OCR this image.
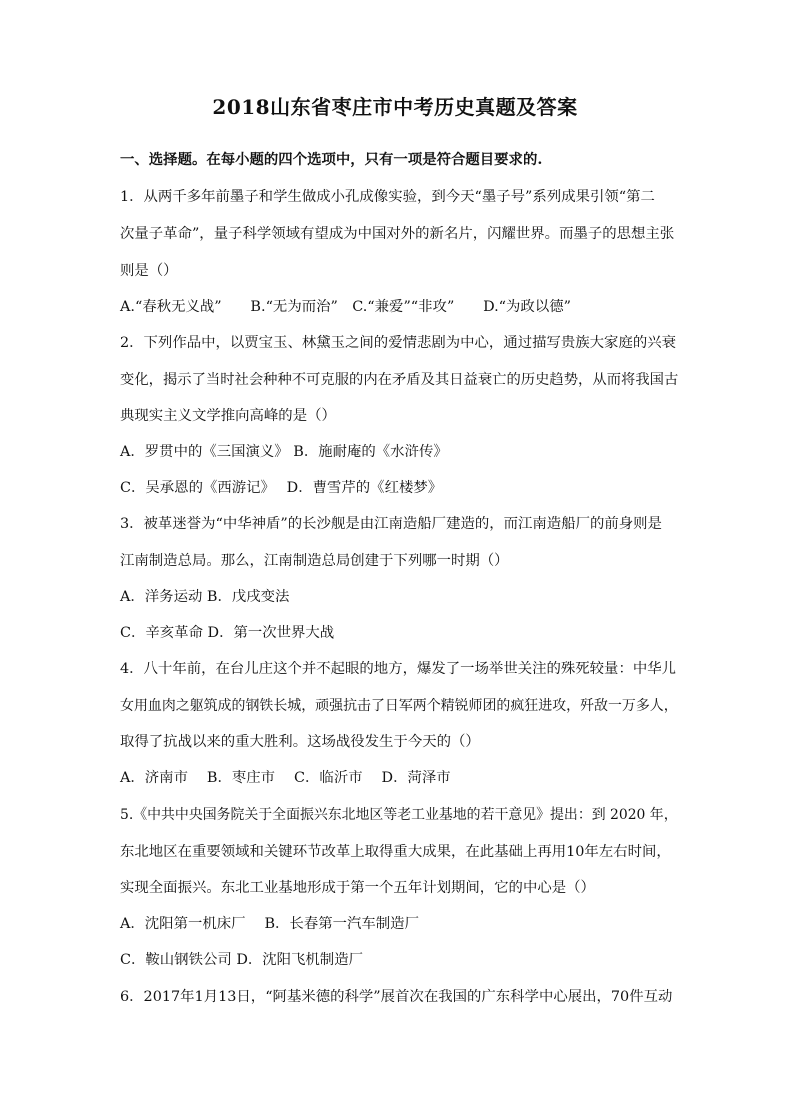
2018山东省枣庄市中考历史真题及答案
一、选择题。在每小题的四个选项中，只有一项是符合题目要求的.
1．从两千多年前墨子和学生做成小孔成像实验，到今天“墨子号”系列成果引领“第二
次量子革命”，量子科学领域有望成为中国对外的新名片，闪耀世界。而墨子的思想主张
则是（）
A.“春秋无义战”　　B.“无为而治”　C.“兼爱”“非攻”　　D.“为政以德”
2．下列作品中，以贾宝玉、林黛玉之间的爱情悲剧为中心，通过描写贵族大家庭的兴衰
变化，揭示了当时社会种种不可克服的内在矛盾及其日益衰亡的历史趋势，从而将我国古
典现实主义文学推向高峰的是（）
A．罗贯中的《三国演义》 B．施耐庵的《水浒传》
C．吴承恩的《西游记》　 D．曹雪芹的《红楼梦》
3．被革迷誉为“中华神盾”的长沙舰是由江南造船厂建造的，而江南造船厂的前身则是
江南制造总局。那么，江南制造总局创建于下列哪一时期（）
A．洋务运动 B．戊戌变法
C．辛亥革命 D．第一次世界大战
4．八十年前，在台儿庄这个并不起眼的地方，爆发了一场举世关注的殊死较量：中华儿
女用血肉之躯筑成的钢铁长城，顽强抗击了日军两个精锐师团的疯狂进攻，歼敌一万多人，
取得了抗战以来的重大胜利。这场战役发生于今天的（）
A．济南市　 B．枣庄市　 C．临沂市　 D．菏泽市
5.《中共中央国务院关于全面振兴东北地区等老工业基地的若干意见》提出：到 2020 年，
东北地区在重要领域和关键环节改革上取得重大成果，在此基础上再用10年左右时间，
实现全面振兴。东北工业基地形成于第一个五年计划期间，它的中心是（）
A．沈阳第一机床厂　 B．长春第一汽车制造厂
C．鞍山钢铁公司 D．沈阳飞机制造厂
6．2017年1月13日，“阿基米德的科学”展首次在我国的广东科学中心展出，70件互动
